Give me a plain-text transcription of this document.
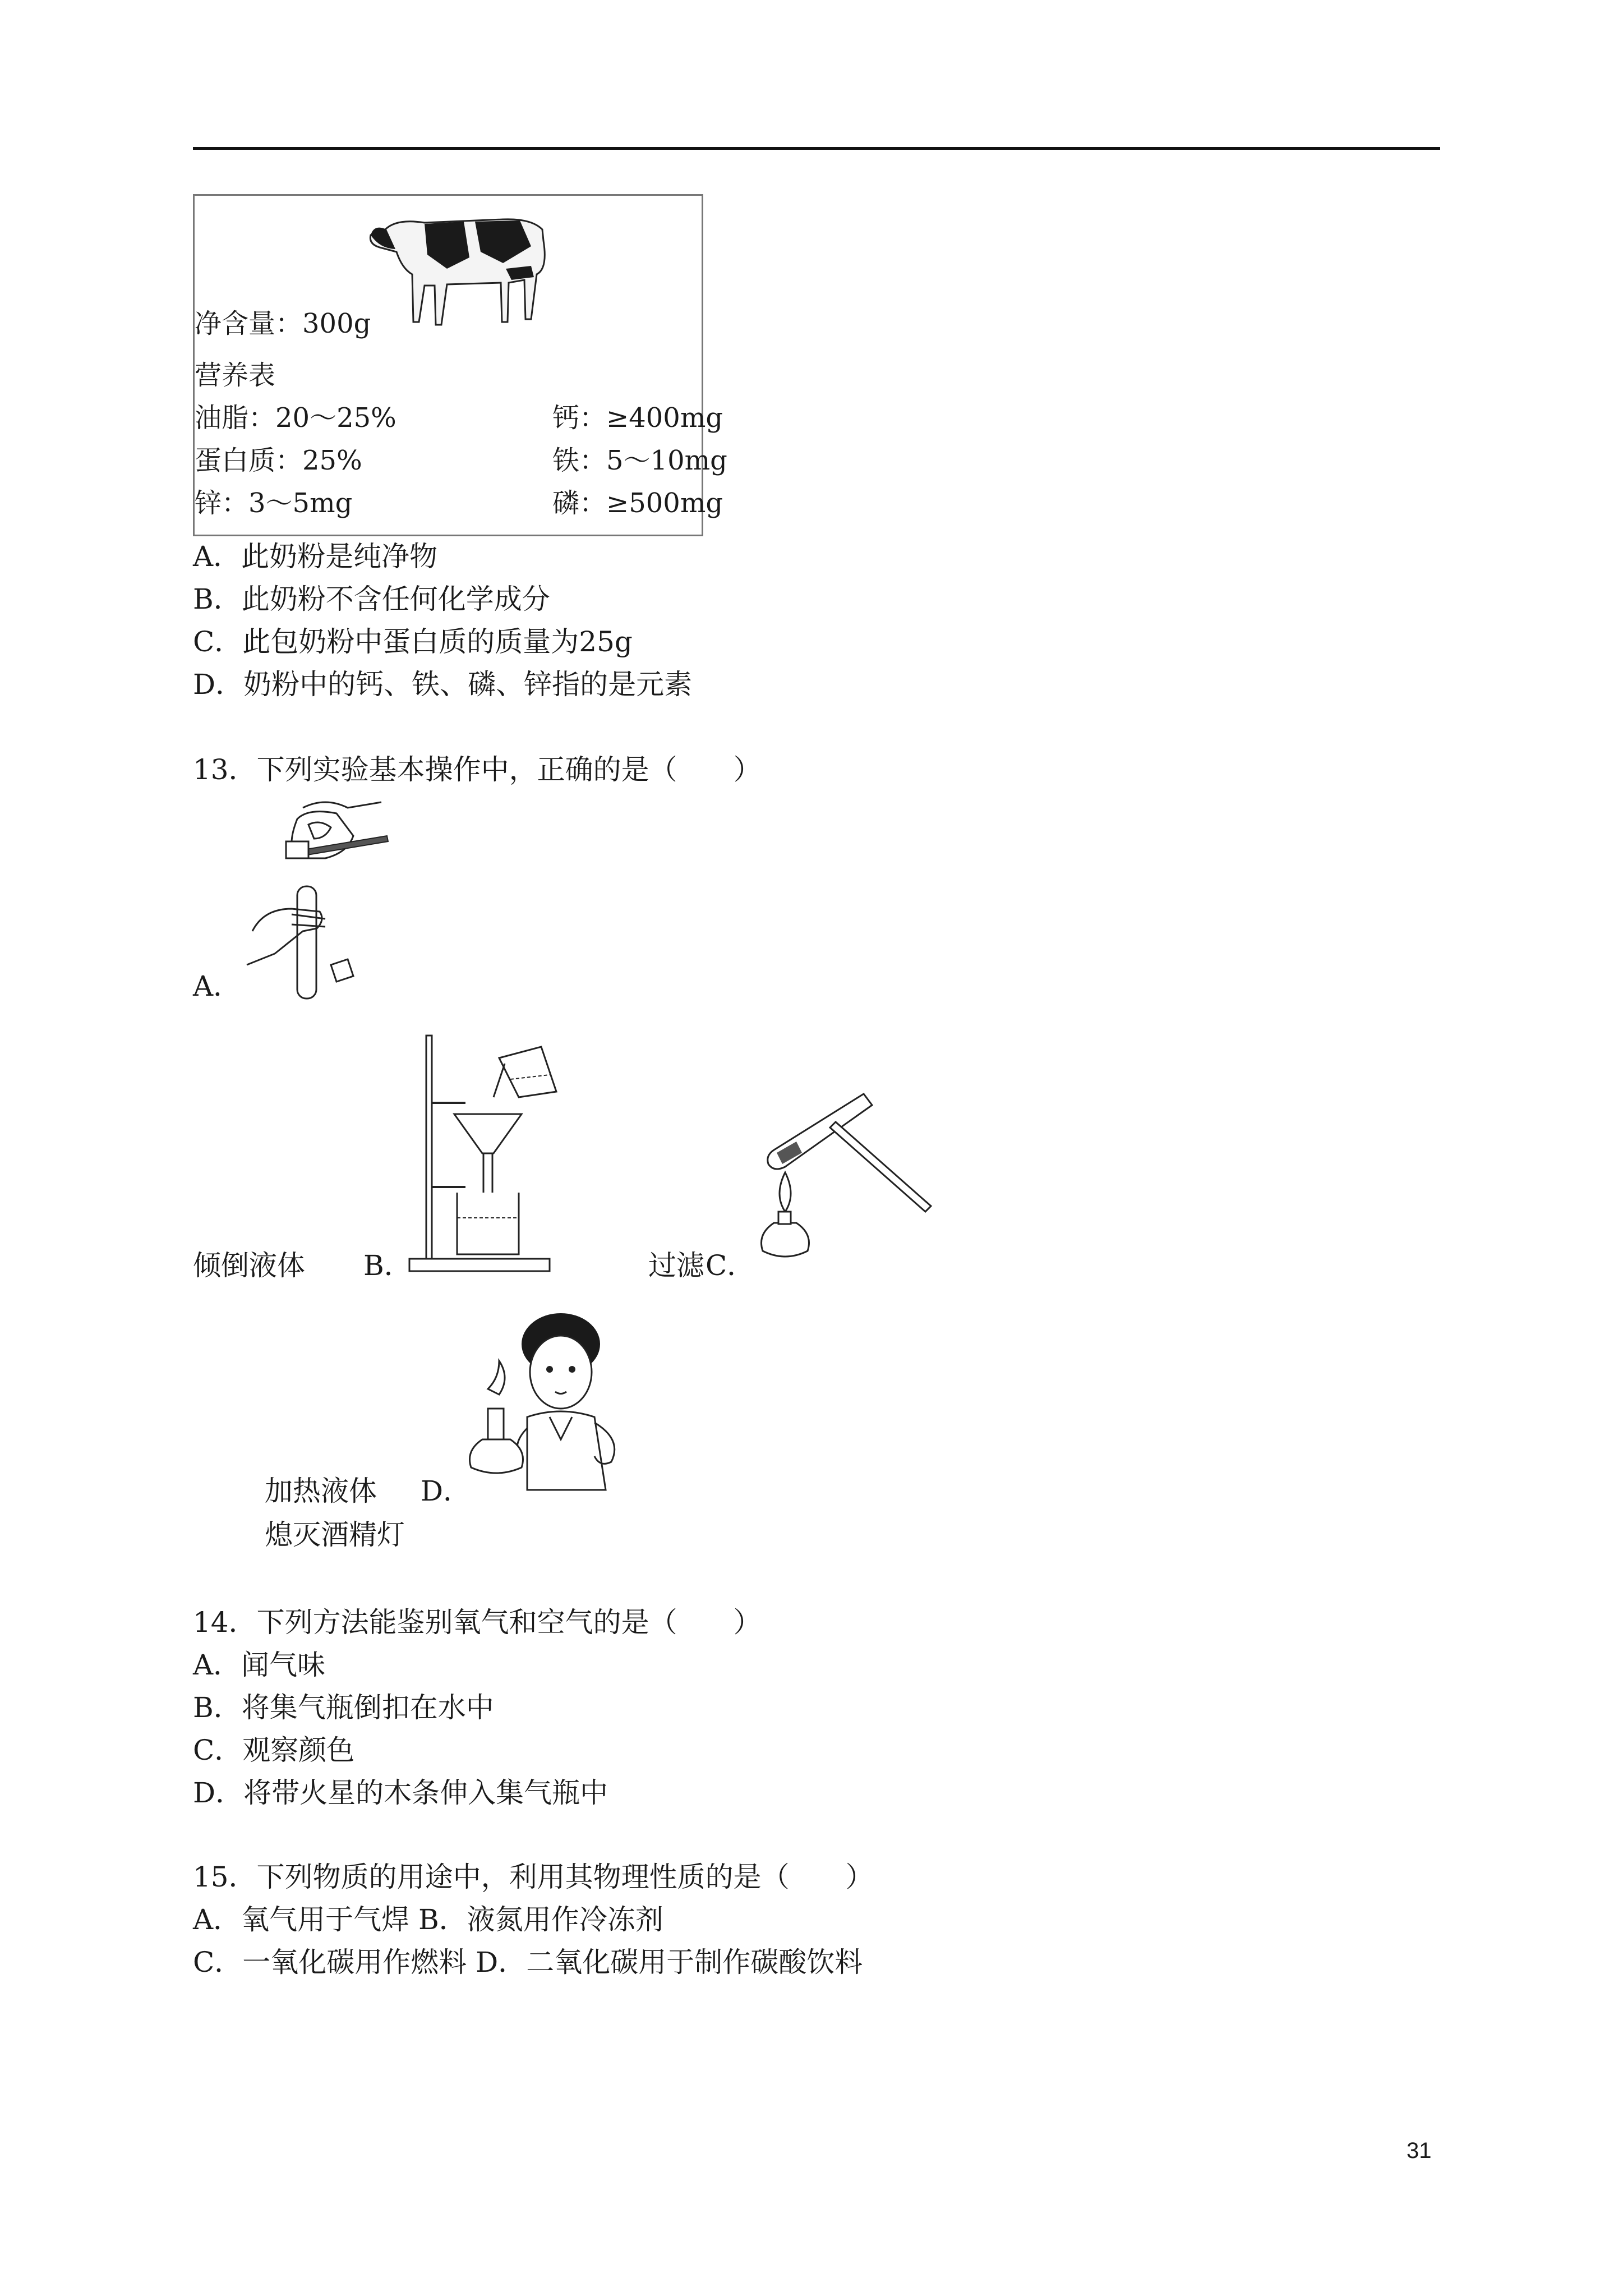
净含量：300g
营养表
油脂：20～25%	钙：≥400mg
蛋白质：25%	铁：5～10mg
锌：3～5mg	磷：≥500mg
A．此奶粉是纯净物
B．此奶粉不含任何化学成分
C．此包奶粉中蛋白质的质量为25g
D．奶粉中的钙、铁、磷、锌指的是元素
13．下列实验基本操作中，正确的是（　　）
A．
倾倒液体 B．	过滤 C．
加热液体 D．
熄灭酒精灯
14．下列方法能鉴别氧气和空气的是（　　）
A．闻气味
B．将集气瓶倒扣在水中
C．观察颜色
D．将带火星的木条伸入集气瓶中
15．下列物质的用途中，利用其物理性质的是（　　）
A．氧气用于气焊 B．液氮用作冷冻剂
C．一氧化碳用作燃料 D．二氧化碳用于制作碳酸饮料
31
